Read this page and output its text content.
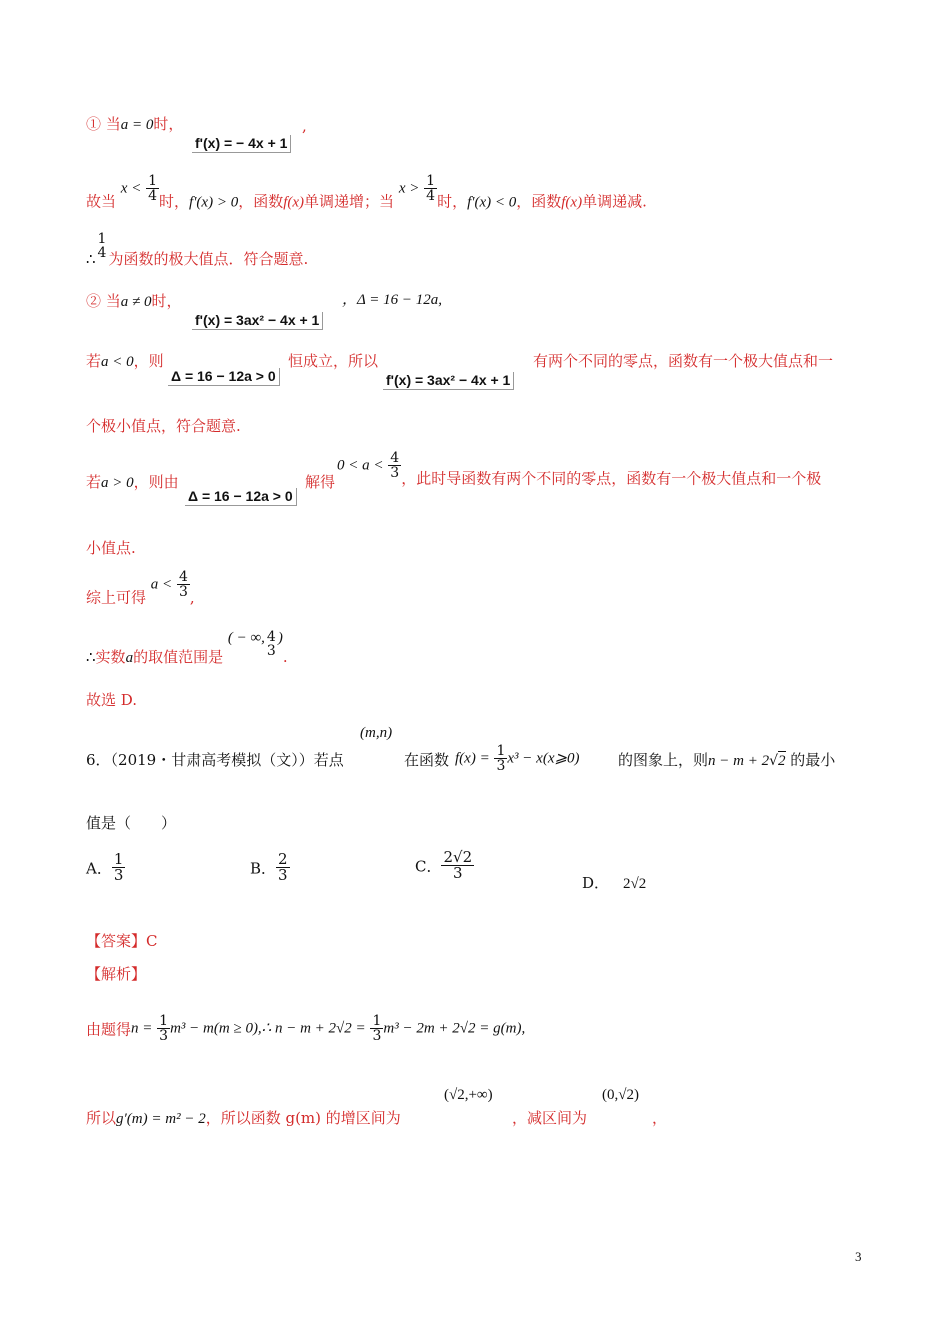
① 当a = 0时，
f'(x) = − 4x + 1
,
故当 $x < \frac{1}{4}$ 时，f'(x) > 0，函数f(x)单调递增；当 $x > \frac{1}{4}$ 时，f'(x) < 0，函数f(x)单调递减.
∴
1
4 为函数的极大值点．符合题意.
② 当a ≠ 0时，
f'(x) = 3ax² − 4x + 1
，Δ = 16 − 12a,
若a < 0，则
Δ = 16 − 12a > 0
恒成立，所以
f'(x) = 3ax² − 4x + 1
有两个不同的零点，函数有一个极大值点和一
个极小值点，符合题意.
若a > 0，则由
Δ = 16 − 12a > 0
解得
$0 < a < \frac{4}{3}$ ，此时导函数有两个不同的零点，函数有一个极大值点和一个极
小值点.
综上可得 $a < \frac{4}{3}$ ,
∴实数a的取值范围是 ( − ∞, 4
3
).
故选 D.
(m,n)
6．（2019・甘肃高考模拟（文））若点	在函数 $f(x) = \frac{1}{3} x^3$ − x(x⩾0)	的图象上，则n − m + 2√2 的最小
值是（　　）
A． $\frac{1}{3}$	B． $\frac{2}{3}$	C． $\frac{2√2}{3}$
D． 2√2
【答案】C
【解析】
由题得$n = \frac{1}{3} m^3 - m(m$ ≥ 0),∴ $n - m + 2√2 = \frac{1}{3} m^3 - 2m + 2√2 = g(m)$,
(√2,+∞)	(0,√2)
所以g′(m) = m² − 2，所以函数 g(m) 的增区间为	，减区间为	，
3
